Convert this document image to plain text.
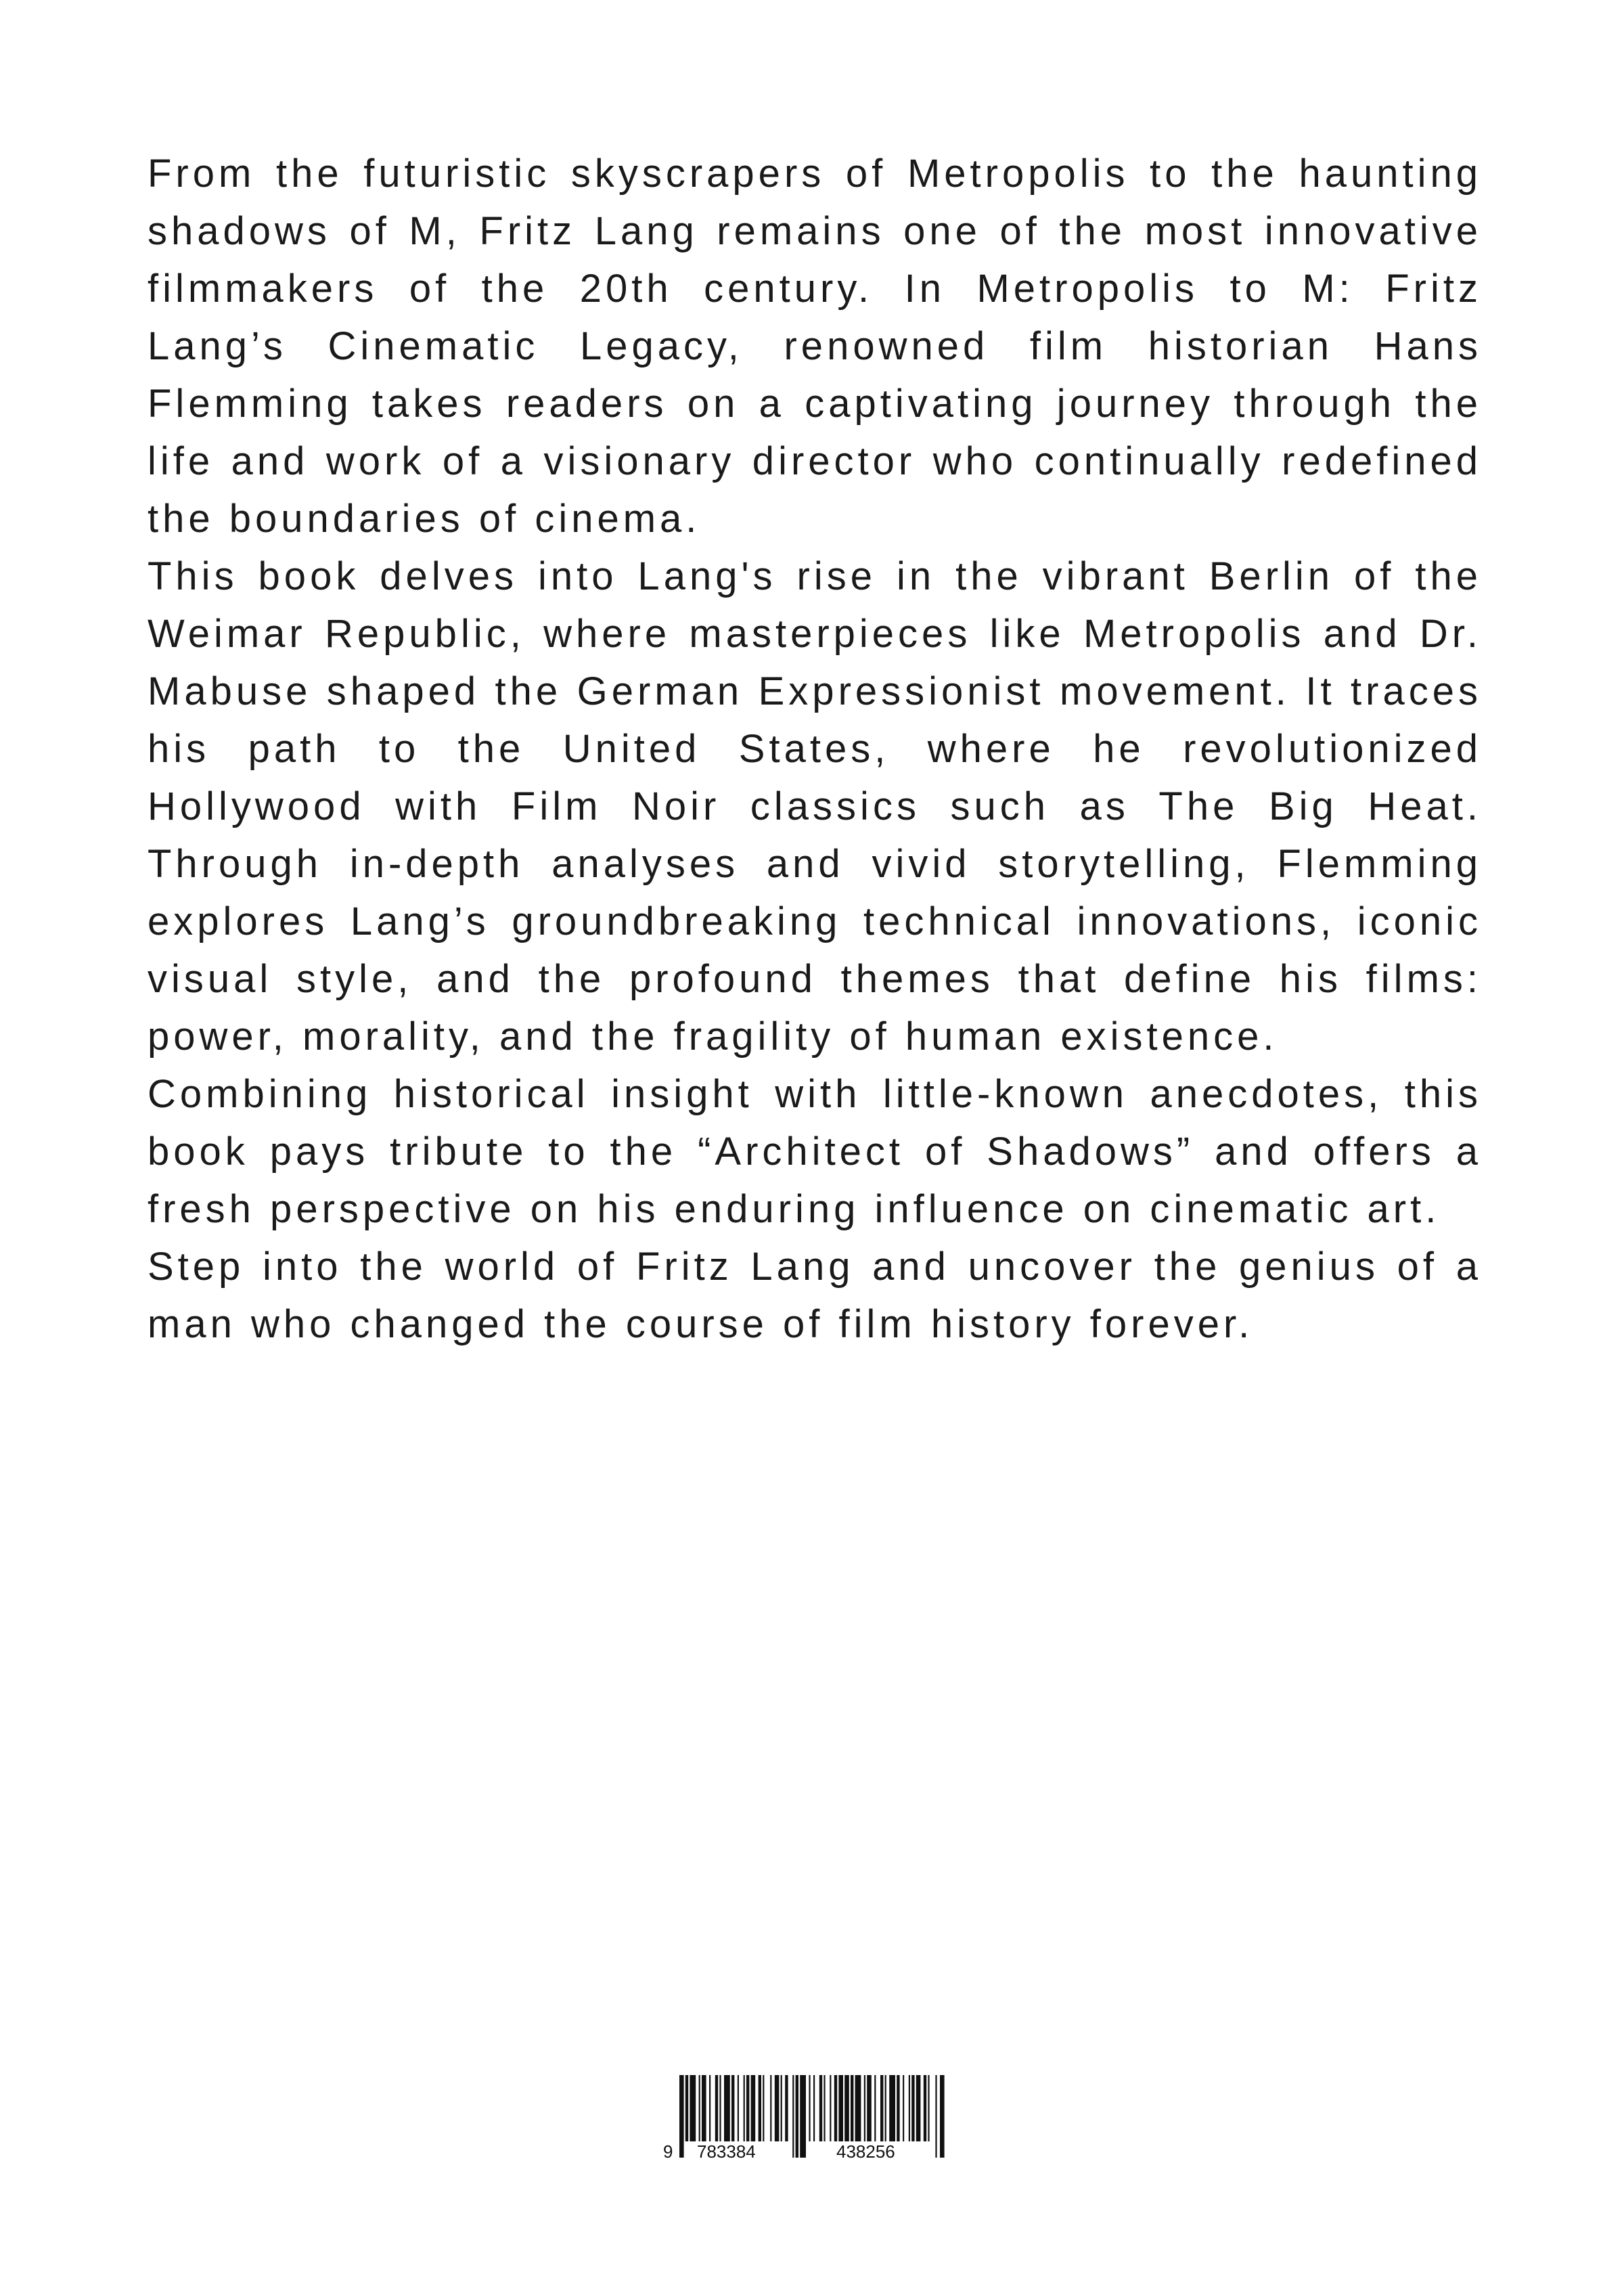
From the futuristic skyscrapers of Metropolis to the haunting shadows of M, Fritz Lang remains one of the most innovative filmmakers of the 20th century. In Metropolis to M: Fritz Lang’s Cinematic Legacy, renowned film historian Hans Flemming takes readers on a captivating journey through the life and work of a visionary director who continually redefined the boundaries of cinema.

This book delves into Lang's rise in the vibrant Berlin of the Weimar Republic, where masterpieces like Metropolis and Dr. Mabuse shaped the German Expressionist movement. It traces his path to the United States, where he revolutionized Hollywood with Film Noir classics such as The Big Heat. Through in-depth analyses and vivid storytelling, Flemming explores Lang’s groundbreaking technical innovations, iconic visual style, and the profound themes that define his films: power, morality, and the fragility of human existence.

Combining historical insight with little-known anecdotes, this book pays tribute to the “Architect of Shadows” and offers a fresh perspective on his enduring influence on cinematic art.

Step into the world of Fritz Lang and uncover the genius of a man who changed the course of film history forever.

9 783384	438256
